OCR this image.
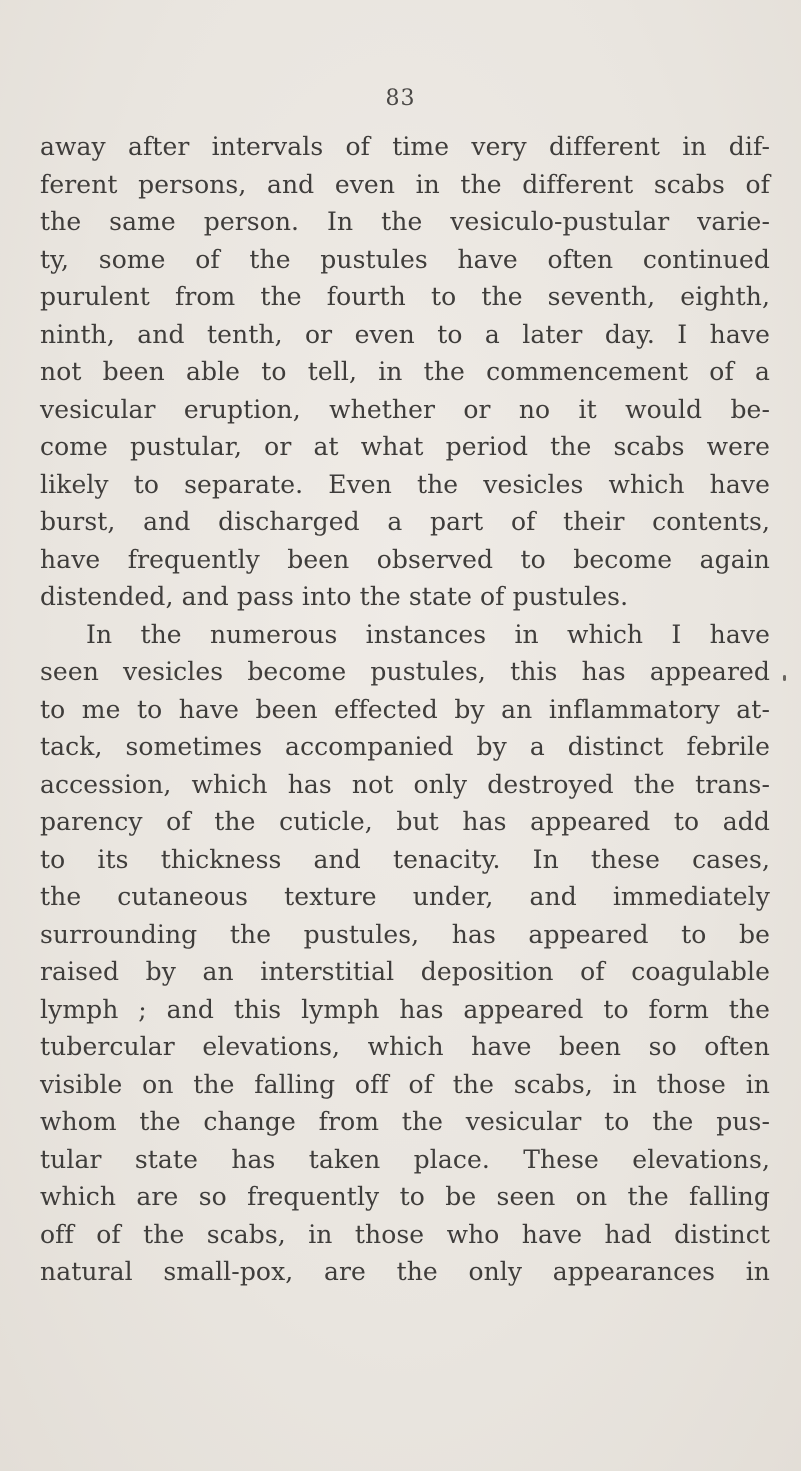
83
away after intervals of time very different in dif-
ferent persons, and even in the different scabs of
the same person. In the vesiculo-pustular varie-
ty, some of the pustules have often continued
purulent from the fourth to the seventh, eighth,
ninth, and tenth, or even to a later day. I have
not been able to tell, in the commencement of a
vesicular eruption, whether or no it would be-
come pustular, or at what period the scabs were
likely to separate. Even the vesicles which have
burst, and discharged a part of their contents,
have frequently been observed to become again
distended, and pass into the state of pustules.
In the numerous instances in which I have
seen vesicles become pustules, this has appeared
to me to have been effected by an inflammatory at-
tack, sometimes accompanied by a distinct febrile
accession, which has not only destroyed the trans-
parency of the cuticle, but has appeared to add
to its thickness and tenacity. In these cases,
the cutaneous texture under, and immediately
surrounding the pustules, has appeared to be
raised by an interstitial deposition of coagulable
lymph ; and this lymph has appeared to form the
tubercular elevations, which have been so often
visible on the falling off of the scabs, in those in
whom the change from the vesicular to the pus-
tular state has taken place. These elevations,
which are so frequently to be seen on the falling
off of the scabs, in those who have had distinct
natural small-pox, are the only appearances in
